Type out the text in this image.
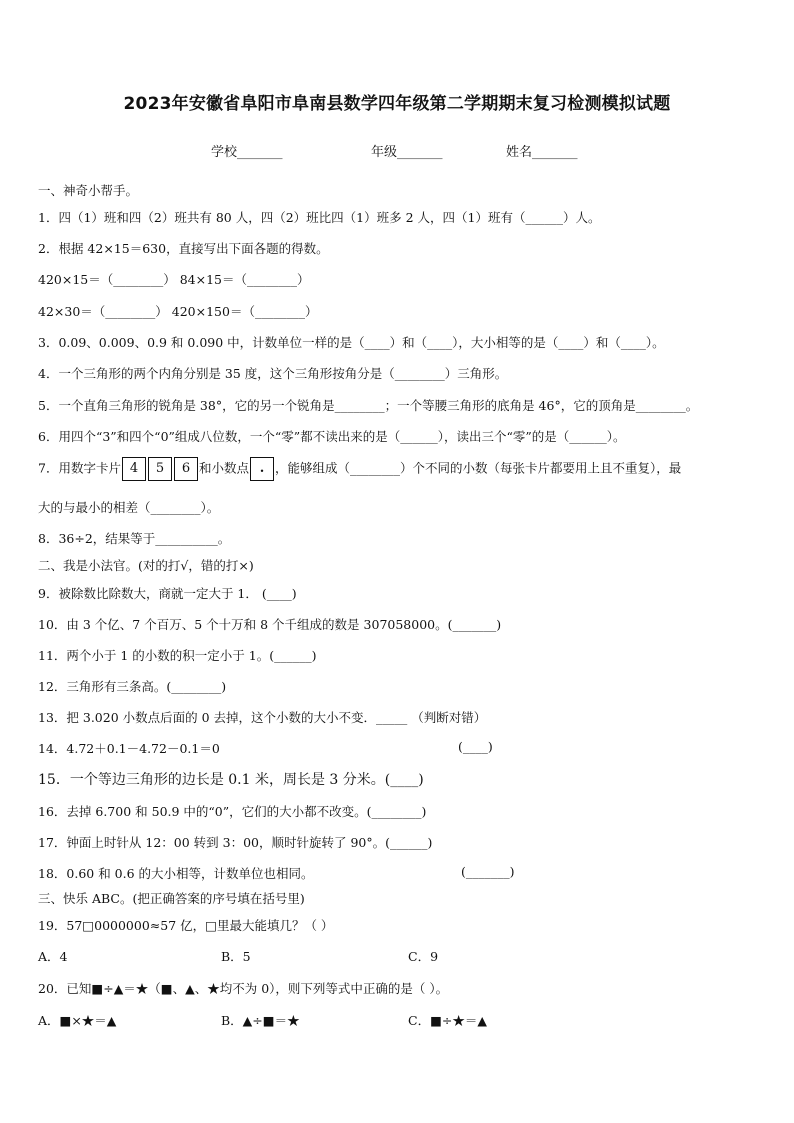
2023年安徽省阜阳市阜南县数学四年级第二学期期末复习检测模拟试题
学校_______	年级_______	姓名_______
一、神奇小帮手。
1．四（1）班和四（2）班共有 80 人，四（2）班比四（1）班多 2 人，四（1）班有（______）人。
2．根据 42×15＝630，直接写出下面各题的得数。
420×15＝（________） 84×15＝（________）
42×30＝（________） 420×150＝（________）
3．0.09、0.009、0.9 和 0.090 中，计数单位一样的是（____）和（____），大小相等的是（____）和（____）。
4．一个三角形的两个内角分别是 35 度，这个三角形按角分是（________）三角形。
5．一个直角三角形的锐角是 38°，它的另一个锐角是________；一个等腰三角形的底角是 46°，它的顶角是________。
6．用四个“3”和四个“0”组成八位数，一个“零”都不读出来的是（______），读出三个“零”的是（______）。
7．用数字卡片 4 5 6 和小数点 . ，能够组成（________）个不同的小数（每张卡片都要用上且不重复），最
大的与最小的相差（________）。
8．36÷2，结果等于__________。
二、我是小法官。(对的打√，错的打×)
9．被除数比除数大，商就一定大于 1． (____)
10．由 3 个亿、7 个百万、5 个十万和 8 个千组成的数是 307058000。(_______)
11．两个小于 1 的小数的积一定小于 1。(______)
12．三角形有三条高。(________)
13．把 3.020 小数点后面的 0 去掉，这个小数的大小不变．_____ （判断对错）
14．4.72＋0.1－4.72－0.1＝0	(____)
15．一个等边三角形的边长是 0.1 米，周长是 3 分米。(____)
16．去掉 6.700 和 50.9 中的“0”，它们的大小都不改变。(________)
17．钟面上时针从 12：00 转到 3：00，顺时针旋转了 90°。(______)
18．0.60 和 0.6 的大小相等，计数单位也相同。	(_______)
三、快乐 ABC。(把正确答案的序号填在括号里)
19．57□0000000≈57 亿，□里最大能填几？（ ）
A．4	B．5	C．9
20．已知■÷▲＝★（■、▲、★均不为 0），则下列等式中正确的是（ ）。
A．■×★＝▲	B．▲÷■＝★	C．■÷★＝▲
